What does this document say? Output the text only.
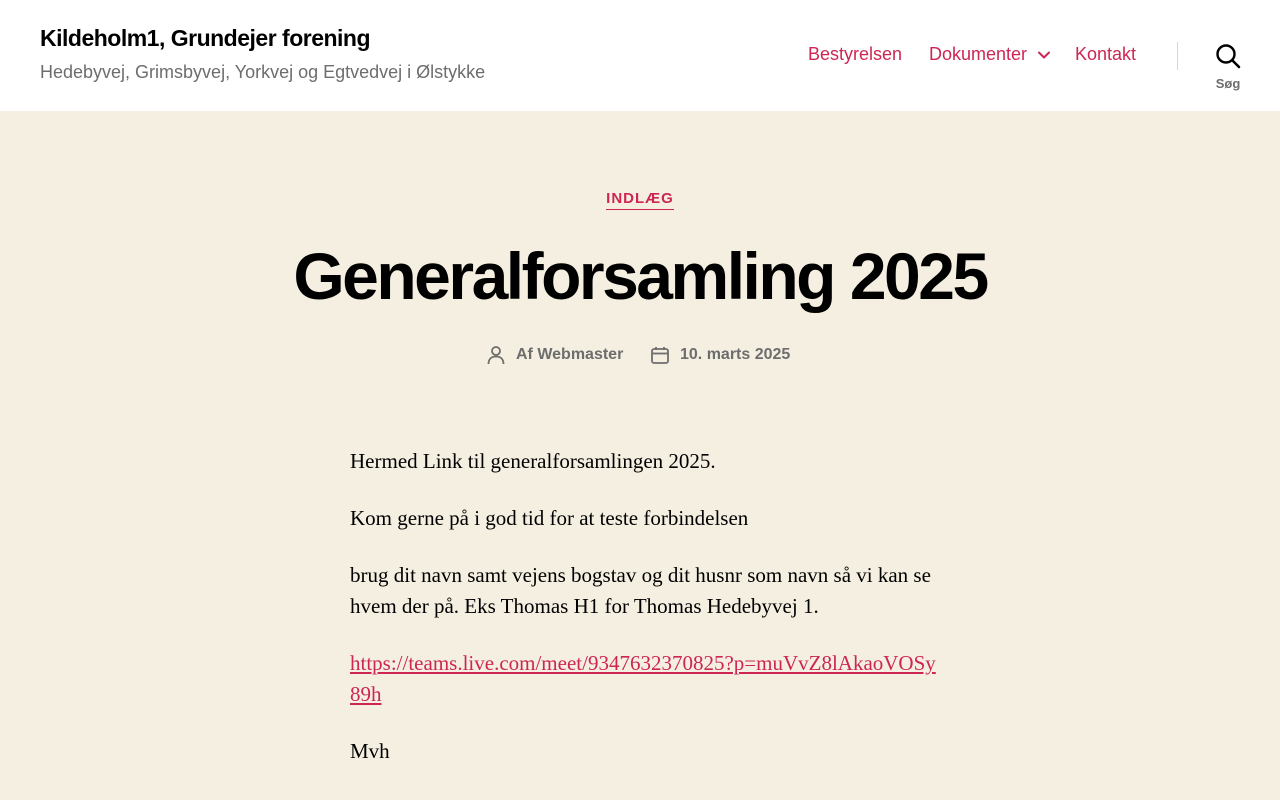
Kildeholm1, Grundejer forening
Hedebyvej, Grimsbyvej, Yorkvej og Egtvedvej i Ølstykke
Bestyrelsen Dokumenter	Kontakt
Søg
INDLÆG
Generalforsamling 2025
Af Webmaster	10. marts 2025

Hermed Link til generalforsamlingen 2025.

Kom gerne på i god tid for at teste forbindelsen

brug dit navn samt vejens bogstav og dit husnr som navn så vi kan se hvem der på. Eks Thomas H1 for Thomas Hedebyvej 1.

https://teams.live.com/meet/9347632370825?p=muVvZ8lAkaoVOSy89h

Mvh
